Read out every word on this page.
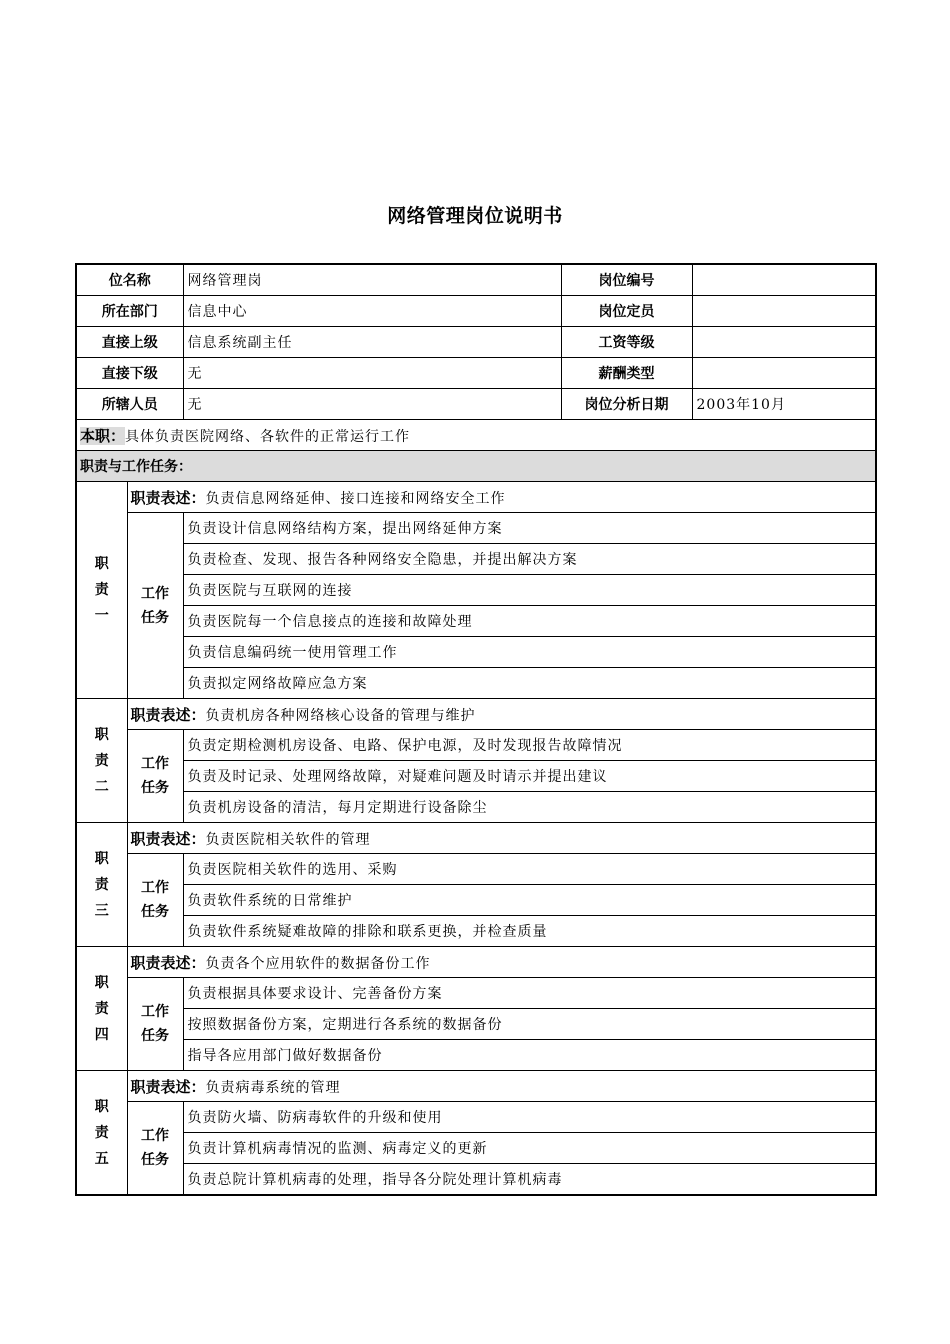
网络管理岗位说明书
位名称		网络管理岗	岗位编号	
所在部门		信息中心	岗位定员	
直接上级		信息系统副主任	工资等级	
直接下级		无	薪酬类型	
所辖人员		无	岗位分析日期	2003年10月
本职：具体负责医院网络、各软件的正常运行工作				
职责与工作任务：				
职
责
一	职责表述：负责信息网络延伸、接口连接和网络安全工作			
	工作
任务	负责设计信息网络结构方案，提出网络延伸方案		
		负责检查、发现、报告各种网络安全隐患，并提出解决方案		
		负责医院与互联网的连接		
		负责医院每一个信息接点的连接和故障处理		
		负责信息编码统一使用管理工作		
		负责拟定网络故障应急方案		
职
责
二	职责表述：负责机房各种网络核心设备的管理与维护			
	工作
任务	负责定期检测机房设备、电路、保护电源，及时发现报告故障情况		
		负责及时记录、处理网络故障，对疑难问题及时请示并提出建议		
		负责机房设备的清洁，每月定期进行设备除尘		
职
责
三	职责表述：负责医院相关软件的管理			
	工作
任务	负责医院相关软件的选用、采购		
		负责软件系统的日常维护		
		负责软件系统疑难故障的排除和联系更换，并检查质量		
职
责
四	职责表述：负责各个应用软件的数据备份工作			
	工作
任务	负责根据具体要求设计、完善备份方案		
		按照数据备份方案，定期进行各系统的数据备份		
		指导各应用部门做好数据备份		
职
责
五	职责表述：负责病毒系统的管理			
	工作
任务	负责防火墙、防病毒软件的升级和使用		
		负责计算机病毒情况的监测、病毒定义的更新		
		负责总院计算机病毒的处理，指导各分院处理计算机病毒		
